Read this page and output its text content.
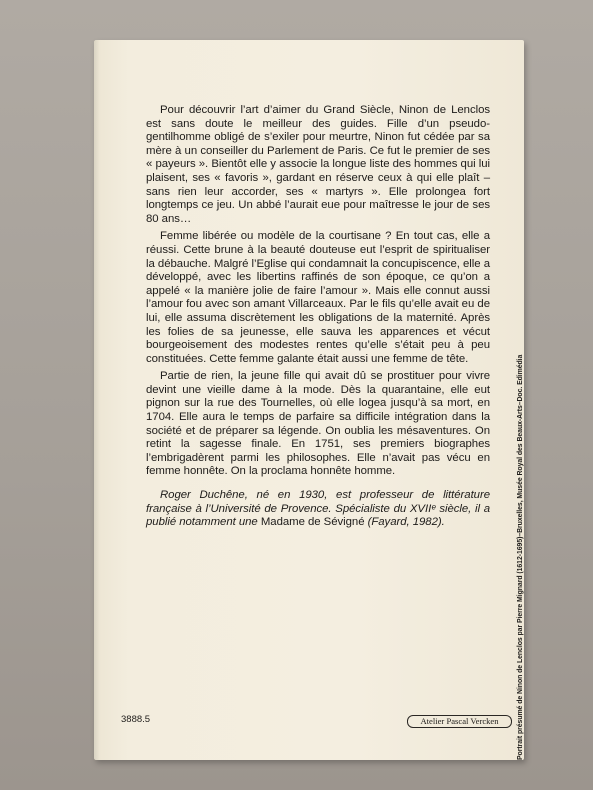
Pour découvrir l’art d’aimer du Grand Siècle, Ninon de Lenclos est sans doute le meilleur des guides. Fille d’un pseudo-gentilhomme obligé de s’exiler pour meurtre, Ninon fut cédée par sa mère à un conseiller du Parlement de Paris. Ce fut le premier de ses « payeurs ». Bientôt elle y associe la longue liste des hommes qui lui plaisent, ses « favoris », gardant en réserve ceux à qui elle plaît – sans rien leur accorder, ses « martyrs ». Elle prolongea fort longtemps ce jeu. Un abbé l’aurait eue pour maîtresse le jour de ses 80 ans…

Femme libérée ou modèle de la courtisane ? En tout cas, elle a réussi. Cette brune à la beauté douteuse eut l’esprit de spiritualiser la débauche. Malgré l’Eglise qui condamnait la concupiscence, elle a développé, avec les libertins raffinés de son époque, ce qu’on a appelé « la manière jolie de faire l’amour ». Mais elle connut aussi l’amour fou avec son amant Villarceaux. Par le fils qu’elle avait eu de lui, elle assuma discrètement les obligations de la maternité. Après les folies de sa jeunesse, elle sauva les apparences et vécut bourgeoisement des modestes rentes qu’elle s’était peu à peu constituées. Cette femme galante était aussi une femme de tête.

Partie de rien, la jeune fille qui avait dû se prostituer pour vivre devint une vieille dame à la mode. Dès la quarantaine, elle eut pignon sur la rue des Tournelles, où elle logea jusqu’à sa mort, en 1704. Elle aura le temps de parfaire sa difficile intégration dans la société et de préparer sa légende. On oublia les mésaventures. On retint la sagesse finale. En 1751, ses premiers biographes l’embrigadèrent parmi les philosophes. Elle n’avait pas vécu en femme honnête. On la proclama honnête homme.

Roger Duchêne, né en 1930, est professeur de littérature française à l’Université de Provence. Spécialiste du XVIIᵉ siècle, il a publié notamment une Madame de Sévigné (Fayard, 1982).

3888.5	Atelier Pascal Vercken	Portrait présumé de Ninon de Lenclos par Pierre Mignard (1612-1695)–Bruxelles, Musée Royal des Beaux-Arts–Doc. Edimédia
